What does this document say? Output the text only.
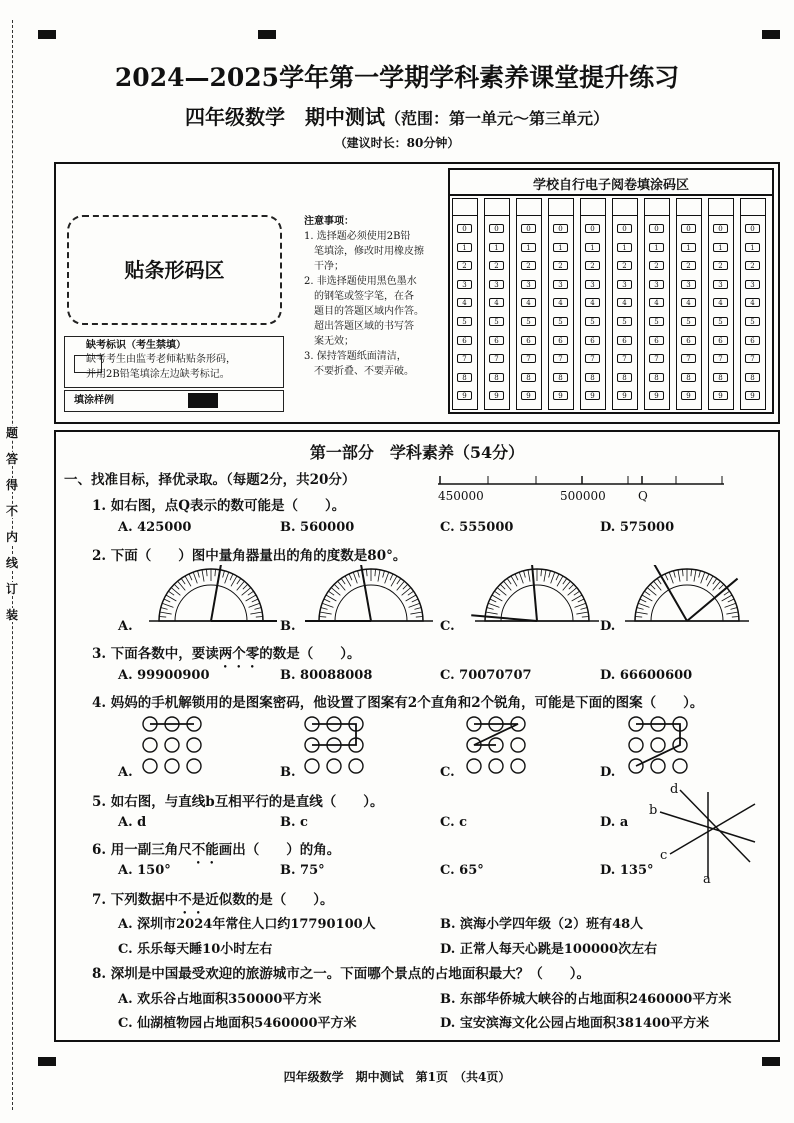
装
订
线
内
不
得
答
题
2024—2025学年第一学期学科素养课堂提升练习
四年级数学　期中测试（范围：第一单元～第三单元）
（建议时长：80分钟）
贴条形码区
缺考标识（考生禁填）
缺考考生由监考老师粘贴条形码，
并用2B铅笔填涂左边缺考标记。
填涂样例
注意事项：
1. 选择题必须使用2B铅
笔填涂，修改时用橡皮擦
干净；
2. 非选择题使用黑色墨水
的钢笔或签字笔，在各
题目的答题区域内作答。
超出答题区域的书写答
案无效；
3. 保持答题纸面清洁，
不要折叠、不要弄破。
学校自行电子阅卷填涂码区
0
1
2
3
4
5
6
7
8
9
0
1
2
3
4
5
6
7
8
9
0
1
2
3
4
5
6
7
8
9
0
1
2
3
4
5
6
7
8
9
0
1
2
3
4
5
6
7
8
9
0
1
2
3
4
5
6
7
8
9
0
1
2
3
4
5
6
7
8
9
0
1
2
3
4
5
6
7
8
9
0
1
2
3
4
5
6
7
8
9
0
1
2
3
4
5
6
7
8
9
第一部分　学科素养（54分）
一、找准目标，择优录取。（每题2分，共20分）
450000	500000	Q
1. 如右图，点Q表示的数可能是（　　）。
A. 425000	B. 560000	C. 555000	D. 575000
2. 下面（　　）图中量角器量出的角的度数是80°。
A.	B.	C.	D.
3. 下面各数中，要读两个零的数是（　　）。
A. 99900900	B. 80088008	C. 70070707	D. 66600600
4. 妈妈的手机解锁用的是图案密码，他设置了图案有2个直角和2个锐角，可能是下面的图案（　　）。
A.	B.	C.	D.
5. 如右图，与直线b互相平行的是直线（　　）。
A. d	B. c	C. c	D. a
d
b
c
a
6. 用一副三角尺不能画出（　　）的角。
A. 150°	B. 75°	C. 65°	D. 135°
7. 下列数据中不是近似数的是（　　）。
A. 深圳市2024年常住人口约17790100人	B. 滨海小学四年级（2）班有48人
C. 乐乐每天睡10小时左右	D. 正常人每天心跳是100000次左右
8. 深圳是中国最受欢迎的旅游城市之一。下面哪个景点的占地面积最大？（　　）。
A. 欢乐谷占地面积350000平方米	B. 东部华侨城大峡谷的占地面积2460000平方米
C. 仙湖植物园占地面积5460000平方米	D. 宝安滨海文化公园占地面积381400平方米
四年级数学　期中测试　第1页　（共4页）
